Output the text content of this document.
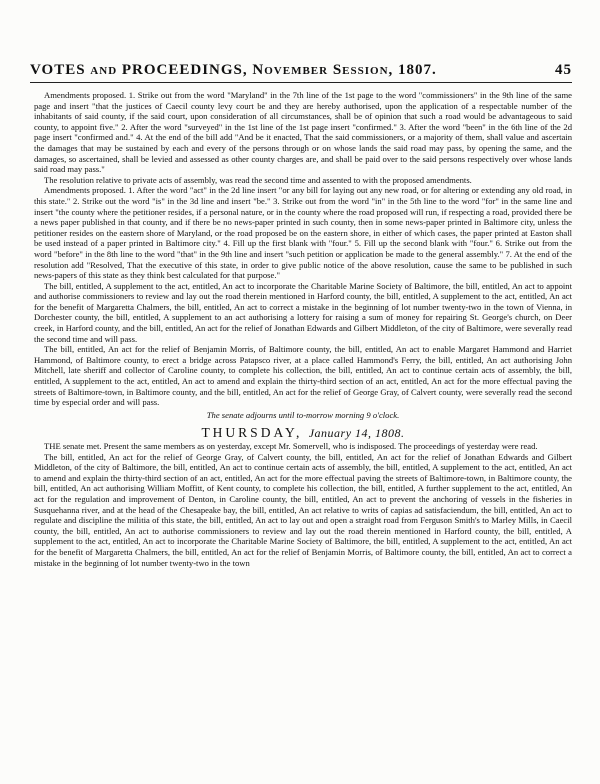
VOTES and PROCEEDINGS, November Session, 1807.	45

Amendments proposed. 1. Strike out from the word "Maryland" in the 7th line of the 1st page to the word "commissioners" in the 9th line of the same page and insert "that the justices of Caecil county levy court be and they are hereby authorised, upon the application of a respectable number of the inhabitants of said county, if the said court, upon consideration of all circumstances, shall be of opinion that such a road would be advantageous to said county, to appoint five." 2. After the word "surveyed" in the 1st line of the 1st page insert "confirmed." 3. After the word "been" in the 6th line of the 2d page insert "confirmed and." 4. At the end of the bill add "And be it enacted, That the said commissioners, or a majority of them, shall value and ascertain the damages that may be sustained by each and every of the persons through or on whose lands the said road may pass, by opening the same, and the damages, so ascertained, shall be levied and assessed as other county charges are, and shall be paid over to the said persons respectively over whose lands said road may pass."

The resolution relative to private acts of assembly, was read the second time and assented to with the proposed amendments.

Amendments proposed. 1. After the word "act" in the 2d line insert "or any bill for laying out any new road, or for altering or extending any old road, in this state." 2. Strike out the word "is" in the 3d line and insert "be." 3. Strike out from the word "in" in the 5th line to the word "for" in the same line and insert "the county where the petitioner resides, if a personal nature, or in the county where the road proposed will run, if respecting a road, provided there be a news paper published in that county, and if there be no news-paper printed in such county, then in some news-paper printed in Baltimore city, unless the petitioner resides on the eastern shore of Maryland, or the road proposed be on the eastern shore, in either of which cases, the paper printed at Easton shall be used instead of a paper printed in Baltimore city." 4. Fill up the first blank with "four." 5. Fill up the second blank with "four." 6. Strike out from the word "before" in the 8th line to the word "that" in the 9th line and insert "such petition or application be made to the general assembly." 7. At the end of the resolution add "Resolved, That the executive of this state, in order to give public notice of the above resolution, cause the same to be published in such news-papers of this state as they think best calculated for that purpose."

The bill, entitled, A supplement to the act, entitled, An act to incorporate the Charitable Marine Society of Baltimore, the bill, entitled, An act to appoint and authorise commissioners to review and lay out the road therein mentioned in Harford county, the bill, entitled, A supplement to the act, entitled, An act for the benefit of Margaretta Chalmers, the bill, entitled, An act to correct a mistake in the beginning of lot number twenty-two in the town of Vienna, in Dorchester county, the bill, entitled, A supplement to an act authorising a lottery for raising a sum of money for repairing St. George's church, on Deer creek, in Harford county, and the bill, entitled, An act for the relief of Jonathan Edwards and Gilbert Middleton, of the city of Baltimore, were severally read the second time and will pass.

The bill, entitled, An act for the relief of Benjamin Morris, of Baltimore county, the bill, entitled, An act to enable Margaret Hammond and Harriet Hammond, of Baltimore county, to erect a bridge across Patapsco river, at a place called Hammond's Ferry, the bill, entitled, An act authorising John Mitchell, late sheriff and collector of Caroline county, to complete his collection, the bill, entitled, An act to continue certain acts of assembly, the bill, entitled, A supplement to the act, entitled, An act to amend and explain the thirty-third section of an act, entitled, An act for the more effectual paving the streets of Baltimore-town, in Baltimore county, and the bill, entitled, An act for the relief of George Gray, of Calvert county, were severally read the second time by especial order and will pass.

The senate adjourns until to-morrow morning 9 o'clock.

THURSDAY, January 14, 1808.

THE senate met. Present the same members as on yesterday, except Mr. Somervell, who is indisposed. The proceedings of yesterday were read.

The bill, entitled, An act for the relief of George Gray, of Calvert county, the bill, entitled, An act for the relief of Jonathan Edwards and Gilbert Middleton, of the city of Baltimore, the bill, entitled, An act to continue certain acts of assembly, the bill, entitled, A supplement to the act, entitled, An act to amend and explain the thirty-third section of an act, entitled, An act for the more effectual paving the streets of Baltimore-town, in Baltimore county, the bill, entitled, An act authorising William Moffitt, of Kent county, to complete his collection, the bill, entitled, A further supplement to the act, entitled, An act for the regulation and improvement of Denton, in Caroline county, the bill, entitled, An act to prevent the anchoring of vessels in the fisheries in Susquehanna river, and at the head of the Chesapeake bay, the bill, entitled, An act relative to writs of capias ad satisfaciendum, the bill, entitled, An act to regulate and discipline the militia of this state, the bill, entitled, An act to lay out and open a straight road from Ferguson Smith's to Marley Mills, in Caecil county, the bill, entitled, An act to authorise commissioners to review and lay out the road therein mentioned in Harford county, the bill, entitled, A supplement to the act, entitled, An act to incorporate the Charitable Marine Society of Baltimore, the bill, entitled, A supplement to the act, entitled, An act for the benefit of Margaretta Chalmers, the bill, entitled, An act for the relief of Benjamin Morris, of Baltimore county, the bill, entitled, An act to correct a mistake in the beginning of lot number twenty-two in the town
